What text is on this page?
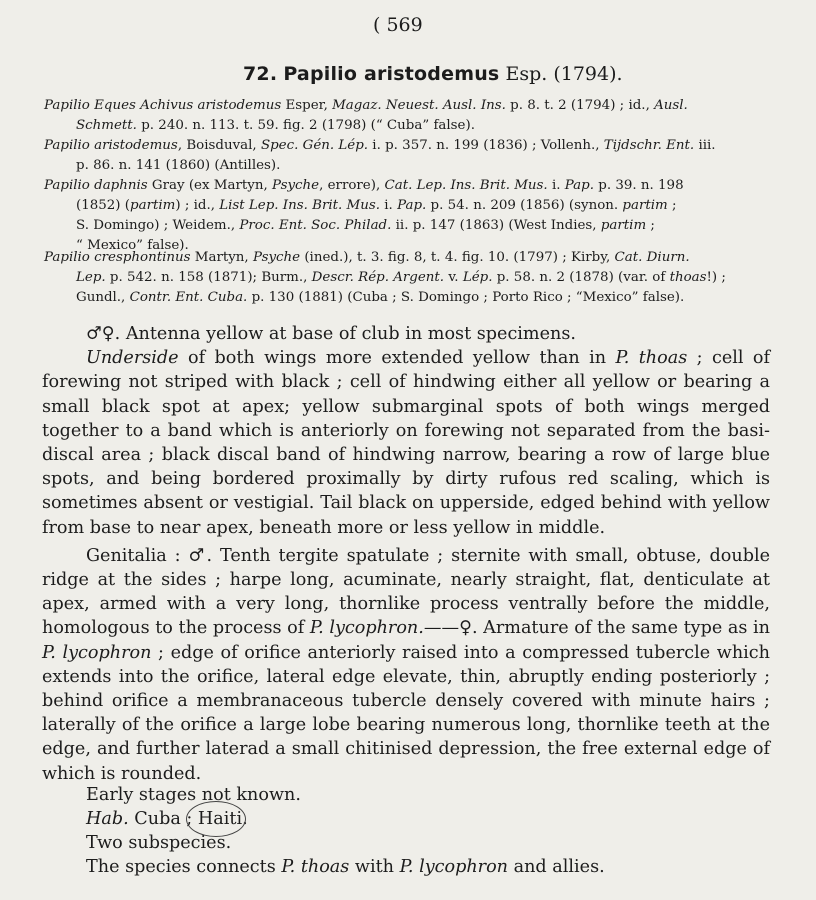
( 569
72. Papilio aristodemus Esp. (1794).
Papilio Eques Achivus aristodemus Esper, Magaz. Neuest. Ausl. Ins. p. 8. t. 2 (1794) ; id., Ausl.
Schmett. p. 240. n. 113. t. 59. fig. 2 (1798) (“ Cuba” false).
Papilio aristodemus, Boisduval, Spec. Gén. Lép. i. p. 357. n. 199 (1836) ; Vollenh., Tijdschr. Ent. iii.
p. 86. n. 141 (1860) (Antilles).
Papilio daphnis Gray (ex Martyn, Psyche, errore), Cat. Lep. Ins. Brit. Mus. i. Pap. p. 39. n. 198
(1852) (partim) ; id., List Lep. Ins. Brit. Mus. i. Pap. p. 54. n. 209 (1856) (synon. partim ;
S. Domingo) ; Weidem., Proc. Ent. Soc. Philad. ii. p. 147 (1863) (West Indies, partim ;
“ Mexico” false).
Papilio cresphontinus Martyn, Psyche (ined.), t. 3. fig. 8, t. 4. fig. 10. (1797) ; Kirby, Cat. Diurn.
Lep. p. 542. n. 158 (1871); Burm., Descr. Rép. Argent. v. Lép. p. 58. n. 2 (1878) (var. of thoas!) ;
Gundl., Contr. Ent. Cuba. p. 130 (1881) (Cuba ; S. Domingo ; Porto Rico ; “Mexico” false).

♂♀. Antenna yellow at base of club in most specimens.

Underside of both wings more extended yellow than in P. thoas ; cell of forewing not striped with black ; cell of hindwing either all yellow or bearing a small black spot at apex; yellow submarginal spots of both wings merged together to a band which is anteriorly on forewing not separated from the basi-discal area ; black discal band of hindwing narrow, bearing a row of large blue spots, and being bordered proximally by dirty rufous red scaling, which is sometimes absent or vestigial. Tail black on upperside, edged behind with yellow from base to near apex, beneath more or less yellow in middle.

Genitalia : ♂. Tenth tergite spatulate ; sternite with small, obtuse, double ridge at the sides ; harpe long, acuminate, nearly straight, flat, denticulate at apex, armed with a very long, thornlike process ventrally before the middle, homologous to the process of P. lycophron.——♀. Armature of the same type as in P. lycophron ; edge of orifice anteriorly raised into a compressed tubercle which extends into the orifice, lateral edge elevate, thin, abruptly ending posteriorly ; behind orifice a membranaceous tubercle densely covered with minute hairs ; laterally of the orifice a large lobe bearing numerous long, thornlike teeth at the edge, and further laterad a small chitinised depression, the free external edge of which is rounded.

Early stages not known.
Hab. Cuba ; Haiti.
Two subspecies.
The species connects P. thoas with P. lycophron and allies.
